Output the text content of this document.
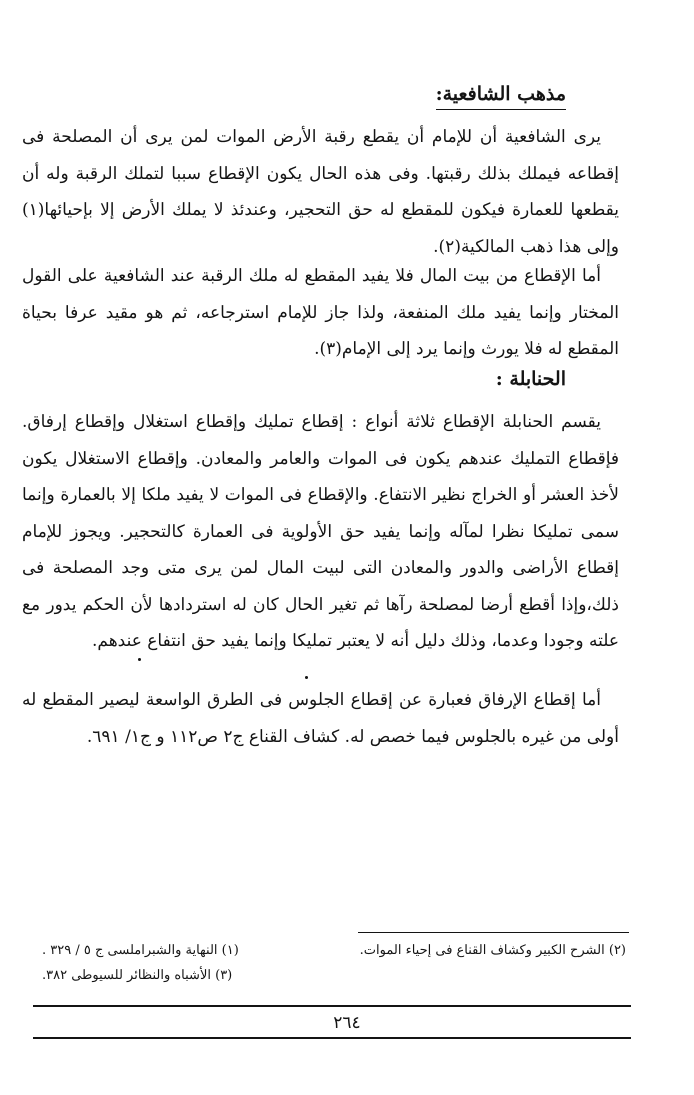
مذهب الشافعية:

يرى الشافعية أن للإمام أن يقطع رقبة الأرض الموات لمن يرى أن المصلحة فى إقطاعه فيملك بذلك رقبتها. وفى هذه الحال يكون الإقطاع سببا لتملك الرقبة وله أن يقطعها للعمارة فيكون للمقطع له حق التحجير، وعندئذ لا يملك الأرض إلا بإحيائها(١) وإلى هذا ذهب المالكية(٢).

أما الإقطاع من بيت المال فلا يفيد المقطع له ملك الرقبة عند الشافعية على القول المختار وإنما يفيد ملك المنفعة، ولذا جاز للإمام استرجاعه، ثم هو مقيد عرفا بحياة المقطع له فلا يورث وإنما يرد إلى الإمام(٣).

الحنابلة :

يقسم الحنابلة الإقطاع ثلاثة أنواع : إقطاع تمليك وإقطاع استغلال وإقطاع إرفاق. فإقطاع التمليك عندهم يكون فى الموات والعامر والمعادن. وإقطاع الاستغلال يكون لأخذ العشر أو الخراج نظير الانتفاع. والإقطاع فى الموات لا يفيد ملكا إلا بالعمارة وإنما سمى تمليكا نظرا لمآله وإنما يفيد حق الأولوية فى العمارة كالتحجير. ويجوز للإمام إقطاع الأراضى والدور والمعادن التى لبيت المال لمن يرى متى وجد المصلحة فى ذلك،وإذا أقطع أرضا لمصلحة رآها ثم تغير الحال كان له استردادها لأن الحكم يدور مع علته وجودا وعدما، وذلك دليل أنه لا يعتبر تمليكا وإنما يفيد حق انتفاع عندهم.

أما إقطاع الإرفاق فعبارة عن إقطاع الجلوس فى الطرق الواسعة ليصير المقطع له أولى من غيره بالجلوس فيما خصص له. كشاف القناع ج٢ ص١١٢ و ج١/ ٦٩١.

(١) النهاية والشبراملسى ج ٥ / ٣٢٩ .	(٢) الشرح الكبير وكشاف القناع فى إحياء الموات.
(٣) الأشباه والنظائر للسيوطى ٣٨٢.
٢٦٤
